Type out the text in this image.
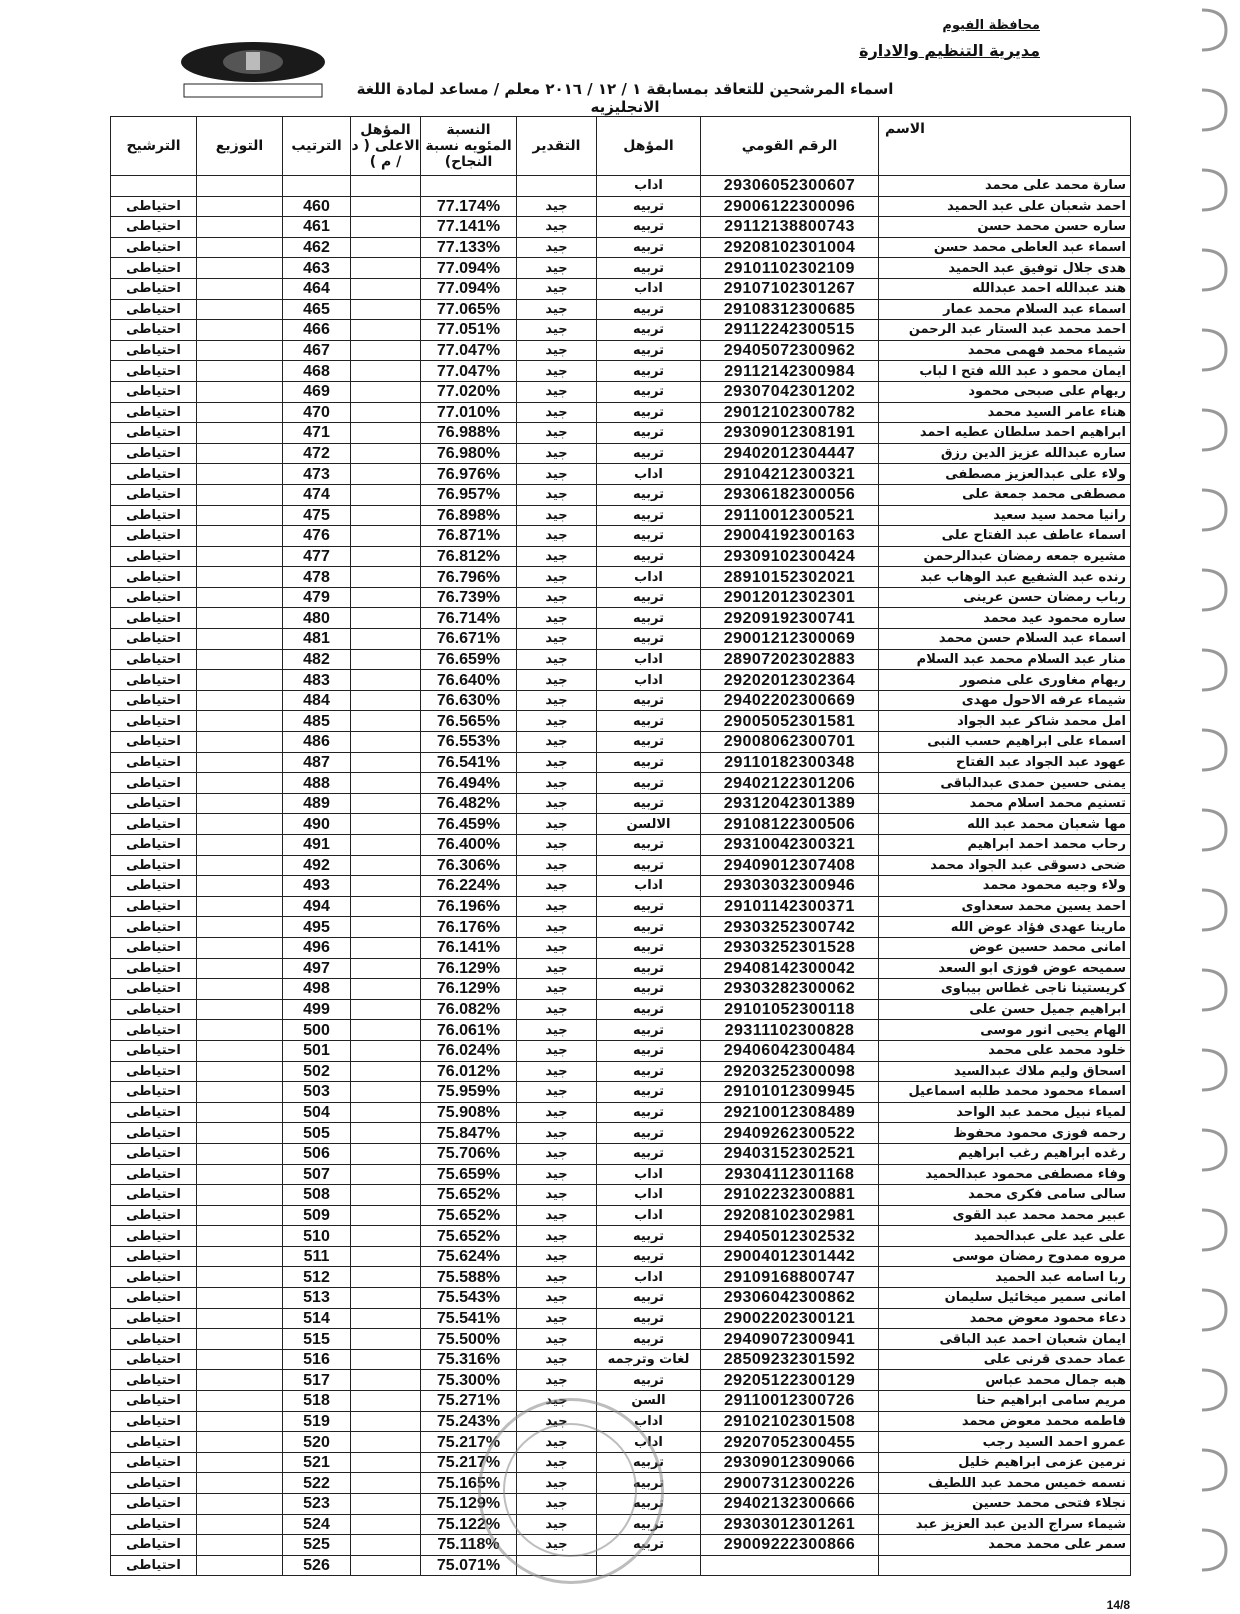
محافظة الفيوم
مديرية التنظيم والادارة
اسماء المرشحين للتعاقد بمسابقة ١ / ١٢ / ٢٠١٦ معلم / مساعد لمادة اللغة الانجليزيه
الاسم	الرقم القومي	المؤهل	التقدير	النسبة المئويه نسبة النجاح)	المؤهل الاعلى ( د / م )	الترتيب	التوزيع	الترشيح
سارة محمد على محمد	29306052300607	اداب						
احمد شعبان على عبد الحميد	29006122300096	تربيه	جيد	77.174%		460		احتياطى
ساره حسن محمد حسن	29112138800743	تربيه	جيد	77.141%		461		احتياطى
اسماء عبد العاطى محمد حسن	29208102301004	تربيه	جيد	77.133%		462		احتياطى
هدى جلال توفيق عبد الحميد	29101102302109	تربيه	جيد	77.094%		463		احتياطى
هند عبدالله احمد عبدالله	29107102301267	اداب	جيد	77.094%		464		احتياطى
اسماء عبد السلام محمد عمار	29108312300685	تربيه	جيد	77.065%		465		احتياطى
احمد محمد عبد الستار عبد الرحمن	29112242300515	تربيه	جيد	77.051%		466		احتياطى
شيماء محمد فهمى محمد	29405072300962	تربيه	جيد	77.047%		467		احتياطى
ايمان محمو د عبد الله فتح ا لباب	29112142300984	تربيه	جيد	77.047%		468		احتياطى
ريهام على صبحى محمود	29307042301202	تربيه	جيد	77.020%		469		احتياطى
هناء عامر السيد محمد	29012102300782	تربيه	جيد	77.010%		470		احتياطى
ابراهيم احمد سلطان عطيه احمد	29309012308191	تربيه	جيد	76.988%		471		احتياطى
ساره عبدالله عزيز الدين رزق	29402012304447	تربيه	جيد	76.980%		472		احتياطى
ولاء على عبدالعزيز مصطفى	29104212300321	اداب	جيد	76.976%		473		احتياطى
مصطفى محمد جمعة على	29306182300056	تربيه	جيد	76.957%		474		احتياطى
رانيا محمد سيد سعيد	29110012300521	تربيه	جيد	76.898%		475		احتياطى
اسماء عاطف عبد الفتاح على	29004192300163	تربيه	جيد	76.871%		476		احتياطى
مشيره جمعه رمضان عبدالرحمن	29309102300424	تربيه	جيد	76.812%		477		احتياطى
رنده عبد الشفيع عبد الوهاب عبد	28910152302021	اداب	جيد	76.796%		478		احتياطى
رباب رمضان حسن عرينى	29012012302301	تربيه	جيد	76.739%		479		احتياطى
ساره محمود عيد محمد	29209192300741	تربيه	جيد	76.714%		480		احتياطى
اسماء عبد السلام حسن محمد	29001212300069	تربيه	جيد	76.671%		481		احتياطى
منار عبد السلام محمد عبد السلام	28907202302883	اداب	جيد	76.659%		482		احتياطى
ريهام مغاورى على منصور	29202012302364	اداب	جيد	76.640%		483		احتياطى
شيماء عرفه الاحول مهدى	29402202300669	تربيه	جيد	76.630%		484		احتياطى
امل محمد شاكر عبد الجواد	29005052301581	تربيه	جيد	76.565%		485		احتياطى
اسماء على ابراهيم حسب النبى	29008062300701	تربيه	جيد	76.553%		486		احتياطى
عهود عبد الجواد عبد الفتاح	29110182300348	تربيه	جيد	76.541%		487		احتياطى
يمنى حسين حمدى عبدالباقى	29402122301206	تربيه	جيد	76.494%		488		احتياطى
تسنيم محمد اسلام محمد	29312042301389	تربيه	جيد	76.482%		489		احتياطى
مها شعبان محمد عبد الله	29108122300506	الالسن	جيد	76.459%		490		احتياطى
رحاب محمد احمد ابراهيم	29310042300321	تربيه	جيد	76.400%		491		احتياطى
ضحى دسوقى عبد الجواد محمد	29409012307408	تربيه	جيد	76.306%		492		احتياطى
ولاء وجيه محمود محمد	29303032300946	اداب	جيد	76.224%		493		احتياطى
احمد يسين محمد سعداوى	29101142300371	تربيه	جيد	76.196%		494		احتياطى
مارينا عهدى فؤاد عوض الله	29303252300742	تربيه	جيد	76.176%		495		احتياطى
امانى محمد حسين عوض	29303252301528	تربيه	جيد	76.141%		496		احتياطى
سميحه عوض فوزى ابو السعد	29408142300042	تربيه	جيد	76.129%		497		احتياطى
كريستينا ناجى غطاس بيباوى	29303282300062	تربيه	جيد	76.129%		498		احتياطى
ابراهيم جميل حسن على	29101052300118	تربيه	جيد	76.082%		499		احتياطى
الهام يحيى انور موسى	29311102300828	تربيه	جيد	76.061%		500		احتياطى
خلود محمد على محمد	29406042300484	تربيه	جيد	76.024%		501		احتياطى
اسحاق وليم ملاك عبدالسيد	29203252300098	تربيه	جيد	76.012%		502		احتياطى
اسماء محمود محمد طلبه اسماعيل	29101012309945	تربيه	جيد	75.959%		503		احتياطى
لمياء نبيل محمد عبد الواحد	29210012308489	تربيه	جيد	75.908%		504		احتياطى
رحمه فوزى محمود محفوظ	29409262300522	تربيه	جيد	75.847%		505		احتياطى
رغده ابراهيم رغب ابراهيم	29403152302521	تربيه	جيد	75.706%		506		احتياطى
وفاء مصطفى محمود عبدالحميد	29304112301168	اداب	جيد	75.659%		507		احتياطى
سالى سامى فكرى محمد	29102232300881	اداب	جيد	75.652%		508		احتياطى
عبير محمد محمد عبد القوى	29208102302981	اداب	جيد	75.652%		509		احتياطى
على عيد على عبدالحميد	29405012302532	تربيه	جيد	75.652%		510		احتياطى
مروه ممدوح رمضان موسى	29004012301442	تربيه	جيد	75.624%		511		احتياطى
ربا اسامه عبد الحميد	29109168800747	اداب	جيد	75.588%		512		احتياطى
امانى سمير ميخائيل سليمان	29306042300862	تربيه	جيد	75.543%		513		احتياطى
دعاء محمود معوض محمد	29002202300121	تربيه	جيد	75.541%		514		احتياطى
ايمان شعبان احمد عبد الباقى	29409072300941	تربيه	جيد	75.500%		515		احتياطى
عماد حمدى قرنى على	28509232301592	لغات وترجمه	جيد	75.316%		516		احتياطى
هبه جمال محمد عباس	29205122300129	تربيه	جيد	75.300%		517		احتياطى
مريم سامى ابراهيم حنا	29110012300726	السن	جيد	75.271%		518		احتياطى
فاطمه محمد معوض محمد	29102102301508	اداب	جيد	75.243%		519		احتياطى
عمرو احمد السيد رجب	29207052300455	اداب	جيد	75.217%		520		احتياطى
نرمين عزمى ابراهيم خليل	29309012309066	تربيه	جيد	75.217%		521		احتياطى
نسمه خميس محمد عبد اللطيف	29007312300226	تربيه	جيد	75.165%		522		احتياطى
نجلاء فتحى محمد حسين	29402132300666	تربيه	جيد	75.129%		523		احتياطى
شيماء سراج الدين عبد العزيز عبد	29303012301261	تربيه	جيد	75.122%		524		احتياطى
سمر على محمد محمد	29009222300866	تربيه	جيد	75.118%		525		احتياطى
				75.071%		526		احتياطى
14/8
